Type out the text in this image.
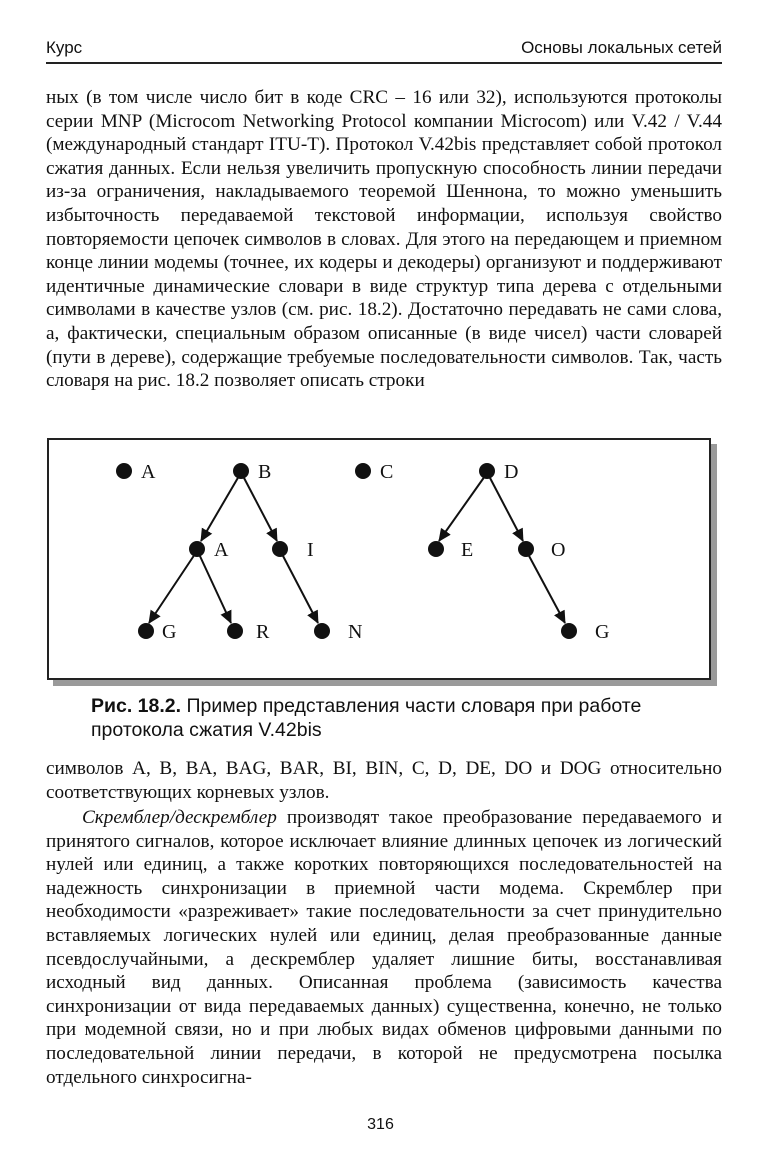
Курс	Основы локальных сетей

ных (в том числе число бит в коде CRC – 16 или 32), используются протоколы серии MNP (Microcom Networking Protocol компании Microcom) или V.42 / V.44 (международный стандарт ITU-T). Протокол V.42bis представляет собой протокол сжатия данных. Если нельзя увеличить пропускную способность линии передачи из-за ограничения, накладываемого теоремой Шеннона, то можно уменьшить избыточность передаваемой текстовой информации, используя свойство повторяемости цепочек символов в словах. Для этого на передающем и приемном конце линии модемы (точнее, их кодеры и декодеры) организуют и поддерживают идентичные динамические словари в виде структур типа дерева с отдельными символами в качестве узлов (см. рис. 18.2). Достаточно передавать не сами слова, а, фактически, специальным образом описанные (в виде чисел) части словарей (пути в дереве), содержащие требуемые последовательности символов. Так, часть словаря на рис. 18.2 позволяет описать строки

A	B	C	D
A	I
G	R	N
E	O
G
Рис. 18.2. Пример представления части словаря при работе протокола сжатия V.42bis

символов A, B, BA, BAG, BAR, BI, BIN, C, D, DE, DO и DOG относительно соответствующих корневых узлов.

Скремблер/дескремблер производят такое преобразование передаваемого и принятого сигналов, которое исключает влияние длинных цепочек из логический нулей или единиц, а также коротких повторяющихся последовательностей на надежность синхронизации в приемной части модема. Скремблер при необходимости «разреживает» такие последовательности за счет принудительно вставляемых логических нулей или единиц, делая преобразованные данные псевдослучайными, а дескремблер удаляет лишние биты, восстанавливая исходный вид данных. Описанная проблема (зависимость качества синхронизации от вида передаваемых данных) существенна, конечно, не только при модемной связи, но и при любых видах обменов цифровыми данными по последовательной линии передачи, в которой не предусмотрена посылка отдельного синхросигна-

316
